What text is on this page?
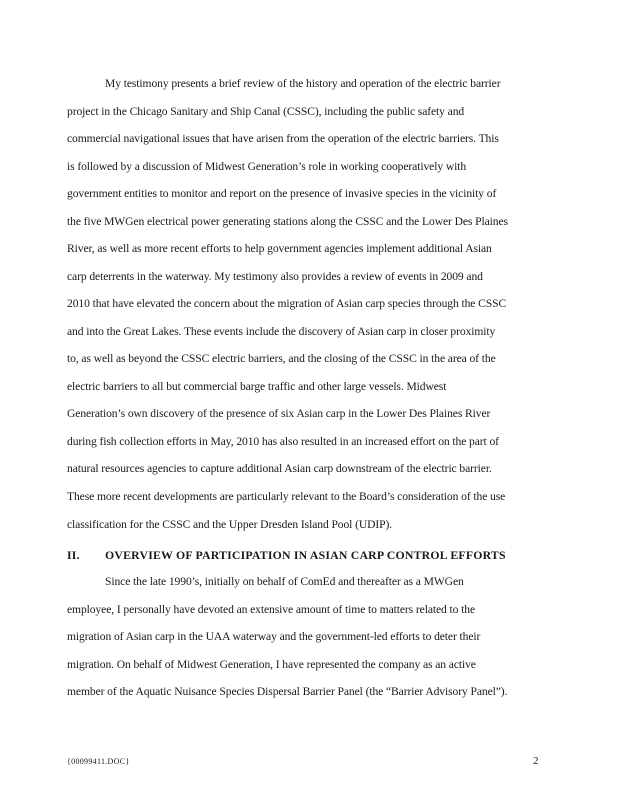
My testimony presents a brief review of the history and operation of the electric barrier
project in the Chicago Sanitary and Ship Canal (CSSC), including the public safety and
commercial navigational issues that have arisen from the operation of the electric barriers. This
is followed by a discussion of Midwest Generation’s role in working cooperatively with
government entities to monitor and report on the presence of invasive species in the vicinity of
the five MWGen electrical power generating stations along the CSSC and the Lower Des Plaines
River, as well as more recent efforts to help government agencies implement additional Asian
carp deterrents in the waterway. My testimony also provides a review of events in 2009 and
2010 that have elevated the concern about the migration of Asian carp species through the CSSC
and into the Great Lakes. These events include the discovery of Asian carp in closer proximity
to, as well as beyond the CSSC electric barriers, and the closing of the CSSC in the area of the
electric barriers to all but commercial barge traffic and other large vessels. Midwest
Generation’s own discovery of the presence of six Asian carp in the Lower Des Plaines River
during fish collection efforts in May, 2010 has also resulted in an increased effort on the part of
natural resources agencies to capture additional Asian carp downstream of the electric barrier.
These more recent developments are particularly relevant to the Board’s consideration of the use
classification for the CSSC and the Upper Dresden Island Pool (UDIP).
II. OVERVIEW OF PARTICIPATION IN ASIAN CARP CONTROL EFFORTS
Since the late 1990’s, initially on behalf of ComEd and thereafter as a MWGen
employee, I personally have devoted an extensive amount of time to matters related to the
migration of Asian carp in the UAA waterway and the government-led efforts to deter their
migration. On behalf of Midwest Generation, I have represented the company as an active
member of the Aquatic Nuisance Species Dispersal Barrier Panel (the “Barrier Advisory Panel”).
{00099411.DOC}	2
